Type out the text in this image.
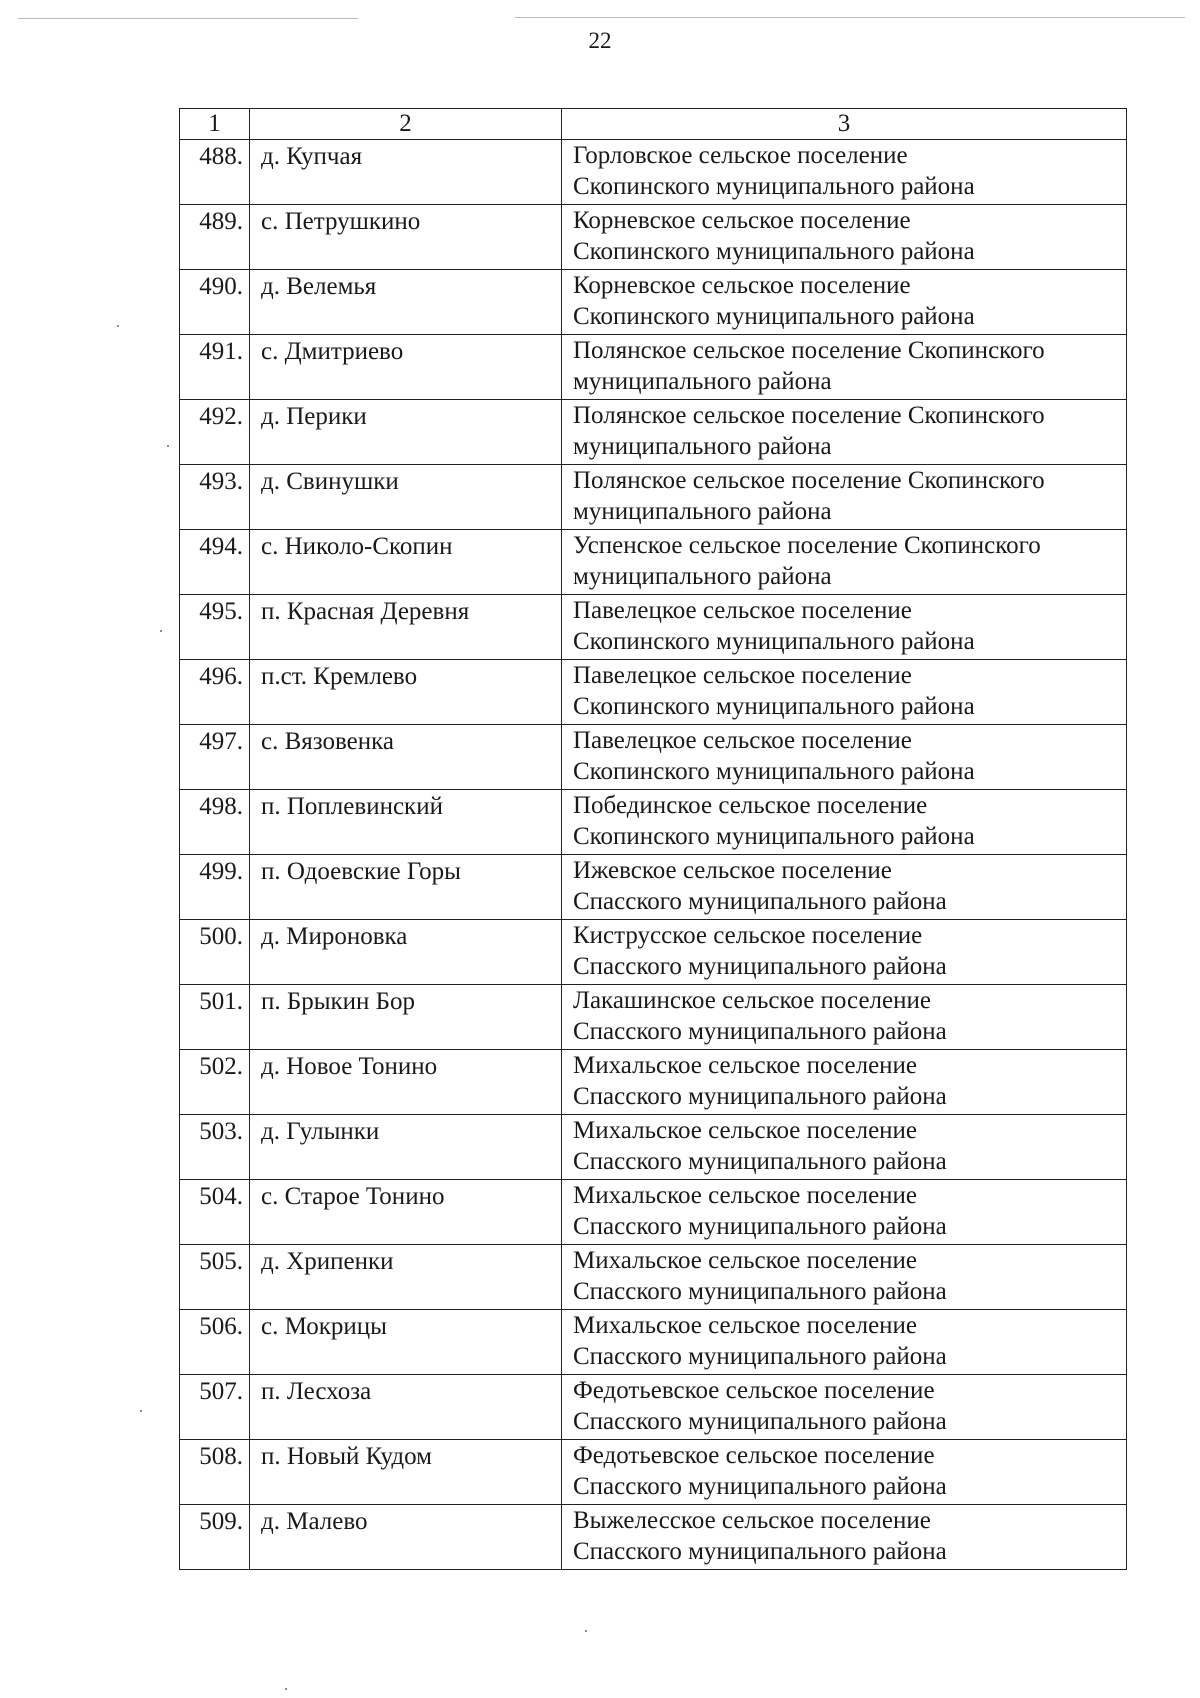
22
1	2	3
488.	д. Купчая	Горловское сельское поселение
Скопинского муниципального района
489.	с. Петрушкино	Корневское сельское поселение
Скопинского муниципального района
490.	д. Велемья	Корневское сельское поселение
Скопинского муниципального района
491.	с. Дмитриево	Полянское сельское поселение Скопинского
муниципального района
492.	д. Перики	Полянское сельское поселение Скопинского
муниципального района
493.	д. Свинушки	Полянское сельское поселение Скопинского
муниципального района
494.	с. Николо-Скопин	Успенское сельское поселение Скопинского
муниципального района
495.	п. Красная Деревня	Павелецкое сельское поселение
Скопинского муниципального района
496.	п.ст. Кремлево	Павелецкое сельское поселение
Скопинского муниципального района
497.	с. Вязовенка	Павелецкое сельское поселение
Скопинского муниципального района
498.	п. Поплевинский	Побединское сельское поселение
Скопинского муниципального района
499.	п. Одоевские Горы	Ижевское сельское поселение
Спасского муниципального района
500.	д. Мироновка	Киструсское сельское поселение
Спасского муниципального района
501.	п. Брыкин Бор	Лакашинское сельское поселение
Спасского муниципального района
502.	д. Новое Тонино	Михальское сельское поселение
Спасского муниципального района
503.	д. Гулынки	Михальское сельское поселение
Спасского муниципального района
504.	с. Старое Тонино	Михальское сельское поселение
Спасского муниципального района
505.	д. Хрипенки	Михальское сельское поселение
Спасского муниципального района
506.	с. Мокрицы	Михальское сельское поселение
Спасского муниципального района
507.	п. Лесхоза	Федотьевское сельское поселение
Спасского муниципального района
508.	п. Новый Кудом	Федотьевское сельское поселение
Спасского муниципального района
509.	д. Малево	Выжелесское сельское поселение
Спасского муниципального района
